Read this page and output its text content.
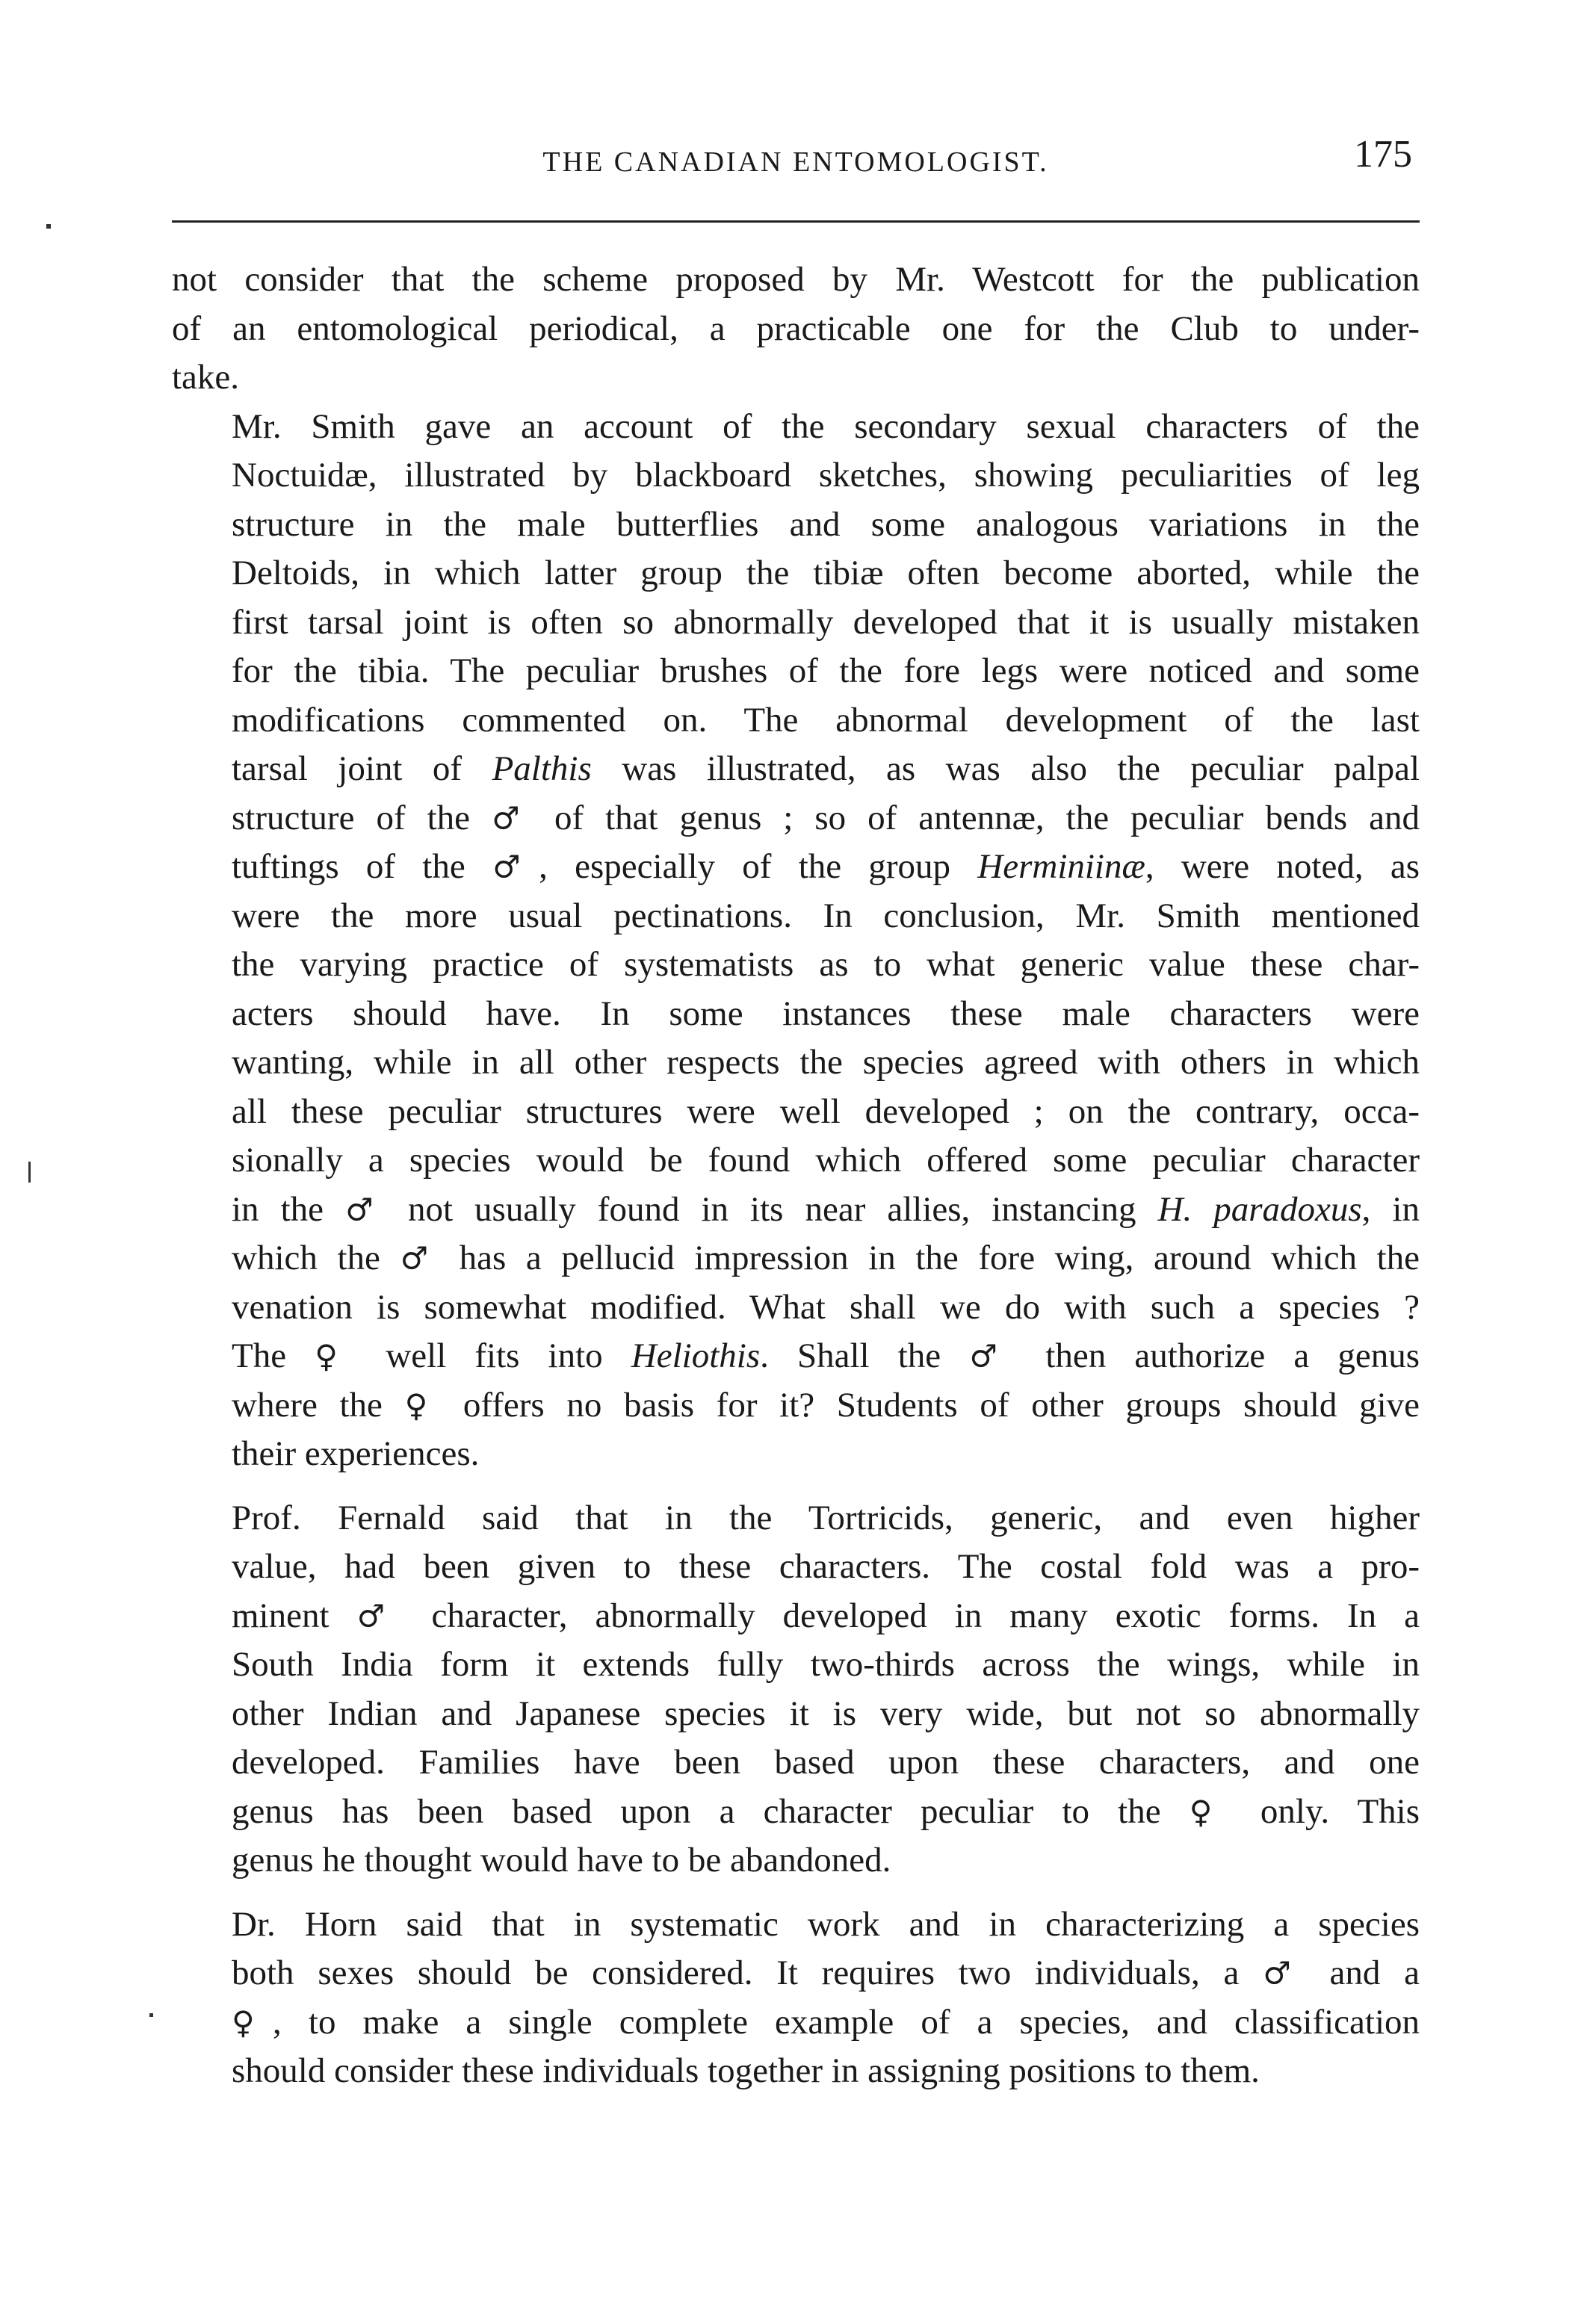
THE CANADIAN ENTOMOLOGIST.	175

not consider that the scheme proposed by Mr. Westcott for the publication
of an entomological periodical, a practicable one for the Club to under-
take.

Mr. Smith gave an account of the secondary sexual characters of the
Noctuidæ, illustrated by blackboard sketches, showing peculiarities of leg
structure in the male butterflies and some analogous variations in the
Deltoids, in which latter group the tibiæ often become aborted, while the
first tarsal joint is often so abnormally developed that it is usually mistaken
for the tibia. The peculiar brushes of the fore legs were noticed and some
modifications commented on. The abnormal development of the last
tarsal joint of Palthis was illustrated, as was also the peculiar palpal
structure of the ♂ of that genus ; so of antennæ, the peculiar bends and
tuftings of the ♂, especially of the group Herminiinæ, were noted, as
were the more usual pectinations. In conclusion, Mr. Smith mentioned
the varying practice of systematists as to what generic value these char-
acters should have. In some instances these male characters were
wanting, while in all other respects the species agreed with others in which
all these peculiar structures were well developed ; on the contrary, occa-
sionally a species would be found which offered some peculiar character
in the ♂ not usually found in its near allies, instancing H. paradoxus, in
which the ♂ has a pellucid impression in the fore wing, around which the
venation is somewhat modified. What shall we do with such a species ?
The ♀ well fits into Heliothis. Shall the ♂ then authorize a genus
where the ♀ offers no basis for it? Students of other groups should give
their experiences.

Prof. Fernald said that in the Tortricids, generic, and even higher
value, had been given to these characters. The costal fold was a pro-
minent ♂ character, abnormally developed in many exotic forms. In a
South India form it extends fully two-thirds across the wings, while in
other Indian and Japanese species it is very wide, but not so abnormally
developed. Families have been based upon these characters, and one
genus has been based upon a character peculiar to the ♀ only. This
genus he thought would have to be abandoned.

Dr. Horn said that in systematic work and in characterizing a species
both sexes should be considered. It requires two individuals, a ♂ and a
♀, to make a single complete example of a species, and classification
should consider these individuals together in assigning positions to them.
